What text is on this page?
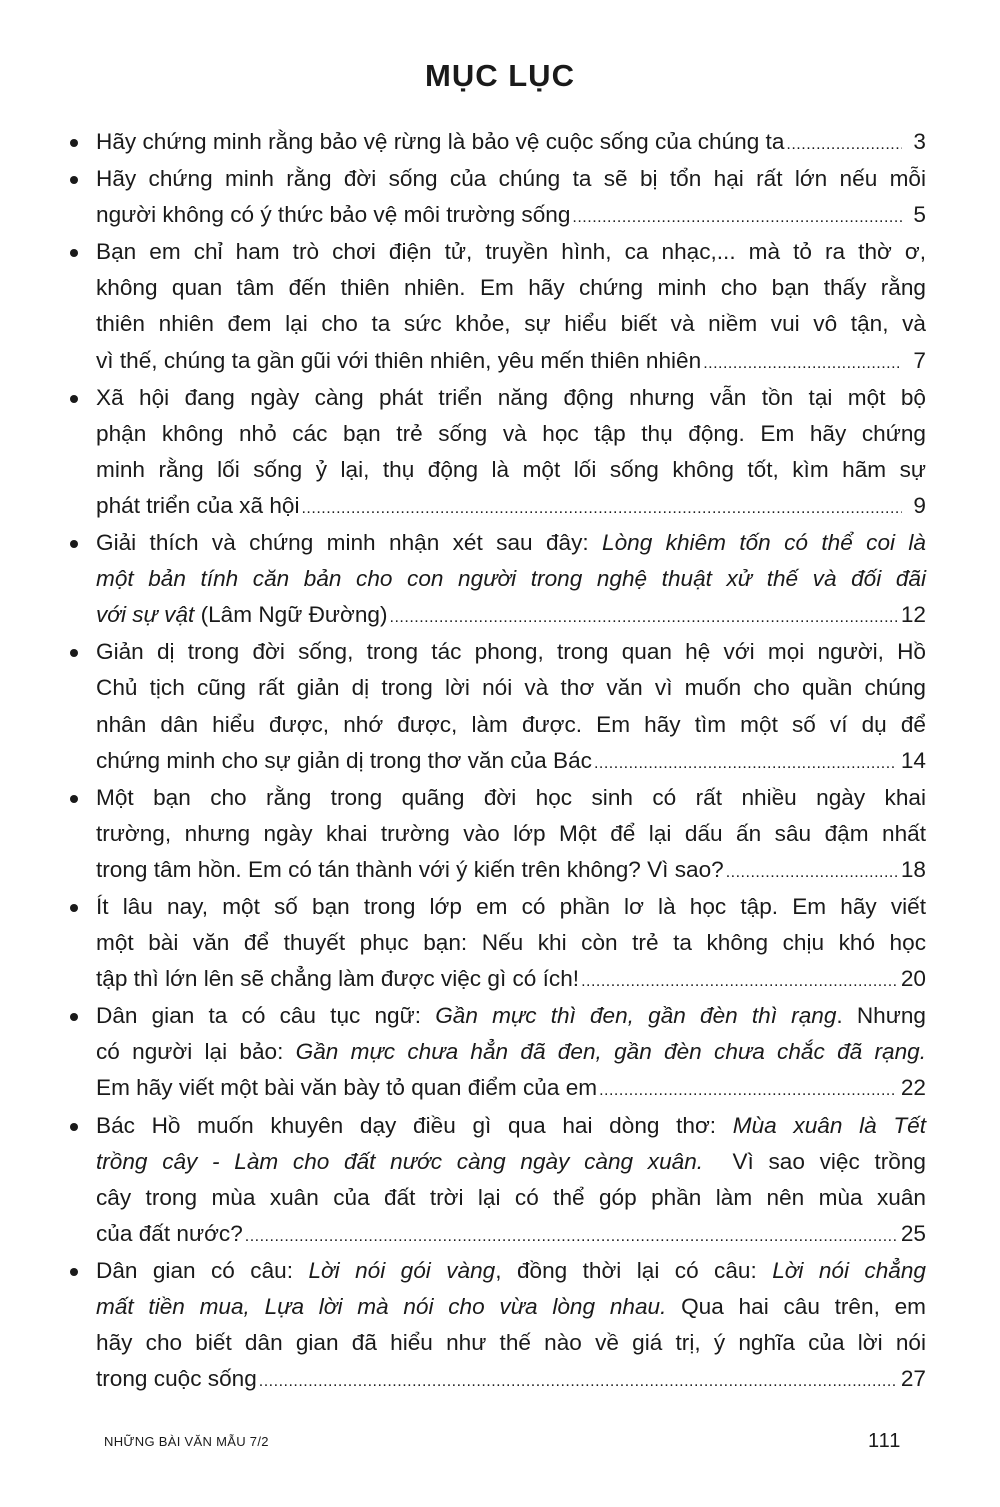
MỤC LỤC
Hãy chứng minh rằng bảo vệ rừng là bảo vệ cuộc sống của chúng ta .....	3
Hãy chứng minh rằng đời sống của chúng ta sẽ bị tổn hại rất lớn nếu mỗi
người không có ý thức bảo vệ môi trường sống .....	5
Bạn em chỉ ham trò chơi điện tử, truyền hình, ca nhạc,... mà tỏ ra thờ ơ,
không quan tâm đến thiên nhiên. Em hãy chứng minh cho bạn thấy rằng
thiên nhiên đem lại cho ta sức khỏe, sự hiểu biết và niềm vui vô tận, và
vì thế, chúng ta gần gũi với thiên nhiên, yêu mến thiên nhiên .....	7
Xã hội đang ngày càng phát triển năng động nhưng vẫn tồn tại một bộ
phận không nhỏ các bạn trẻ sống và học tập thụ động. Em hãy chứng
minh rằng lối sống ỷ lại, thụ động là một lối sống không tốt, kìm hãm sự
phát triển của xã hội .....	9
Giải thích và chứng minh nhận xét sau đây: Lòng khiêm tốn có thể coi là
một bản tính căn bản cho con người trong nghệ thuật xử thế và đối đãi
với sự vật (Lâm Ngữ Đường) .....	12
Giản dị trong đời sống, trong tác phong, trong quan hệ với mọi người, Hồ
Chủ tịch cũng rất giản dị trong lời nói và thơ văn vì muốn cho quần chúng
nhân dân hiểu được, nhớ được, làm được. Em hãy tìm một số ví dụ để
chứng minh cho sự giản dị trong thơ văn của Bác .....	14
Một bạn cho rằng trong quãng đời học sinh có rất nhiều ngày khai
trường, nhưng ngày khai trường vào lớp Một để lại dấu ấn sâu đậm nhất
trong tâm hồn. Em có tán thành với ý kiến trên không? Vì sao? .....	18
Ít lâu nay, một số bạn trong lớp em có phần lơ là học tập. Em hãy viết
một bài văn để thuyết phục bạn: Nếu khi còn trẻ ta không chịu khó học
tập thì lớn lên sẽ chẳng làm được việc gì có ích! .....	20
Dân gian ta có câu tục ngữ: Gần mực thì đen, gần đèn thì rạng. Nhưng
có người lại bảo: Gần mực chưa hẳn đã đen, gần đèn chưa chắc đã rạng.
Em hãy viết một bài văn bày tỏ quan điểm của em .....	22
Bác Hồ muốn khuyên dạy điều gì qua hai dòng thơ: Mùa xuân là Tết
trồng cây - Làm cho đất nước càng ngày càng xuân.  Vì sao việc trồng
cây trong mùa xuân của đất trời lại có thể góp phần làm nên mùa xuân
của đất nước? .....	25
Dân gian có câu: Lời nói gói vàng, đồng thời lại có câu: Lời nói chẳng
mất tiền mua, Lựa lời mà nói cho vừa lòng nhau. Qua hai câu trên, em
hãy cho biết dân gian đã hiểu như thế nào về giá trị, ý nghĩa của lời nói
trong cuộc sống .....	27
NHỮNG BÀI VĂN MẪU 7/2	111
